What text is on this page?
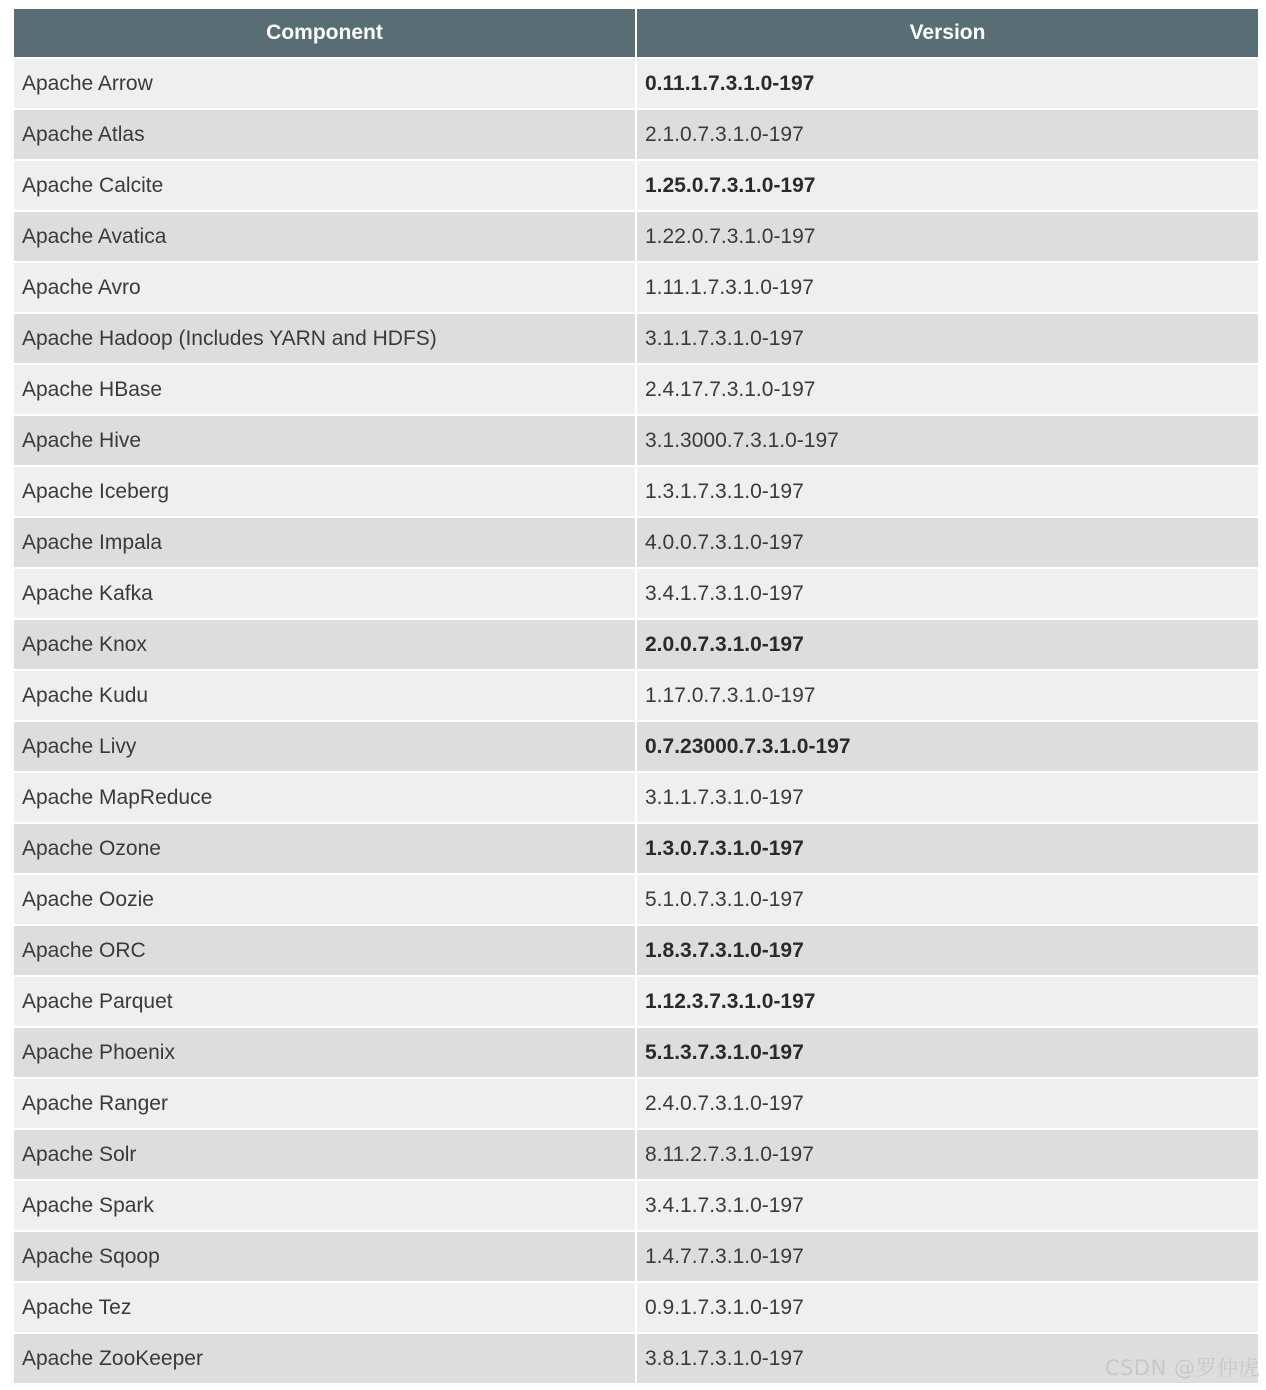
Component	Version
Apache Arrow	0.11.1.7.3.1.0-197
Apache Atlas	2.1.0.7.3.1.0-197
Apache Calcite	1.25.0.7.3.1.0-197
Apache Avatica	1.22.0.7.3.1.0-197
Apache Avro	1.11.1.7.3.1.0-197
Apache Hadoop (Includes YARN and HDFS)	3.1.1.7.3.1.0-197
Apache HBase	2.4.17.7.3.1.0-197
Apache Hive	3.1.3000.7.3.1.0-197
Apache Iceberg	1.3.1.7.3.1.0-197
Apache Impala	4.0.0.7.3.1.0-197
Apache Kafka	3.4.1.7.3.1.0-197
Apache Knox	2.0.0.7.3.1.0-197
Apache Kudu	1.17.0.7.3.1.0-197
Apache Livy	0.7.23000.7.3.1.0-197
Apache MapReduce	3.1.1.7.3.1.0-197
Apache Ozone	1.3.0.7.3.1.0-197
Apache Oozie	5.1.0.7.3.1.0-197
Apache ORC	1.8.3.7.3.1.0-197
Apache Parquet	1.12.3.7.3.1.0-197
Apache Phoenix	5.1.3.7.3.1.0-197
Apache Ranger	2.4.0.7.3.1.0-197
Apache Solr	8.11.2.7.3.1.0-197
Apache Spark	3.4.1.7.3.1.0-197
Apache Sqoop	1.4.7.7.3.1.0-197
Apache Tez	0.9.1.7.3.1.0-197
Apache ZooKeeper	3.8.1.7.3.1.0-197	CSDN @罗仲虎
